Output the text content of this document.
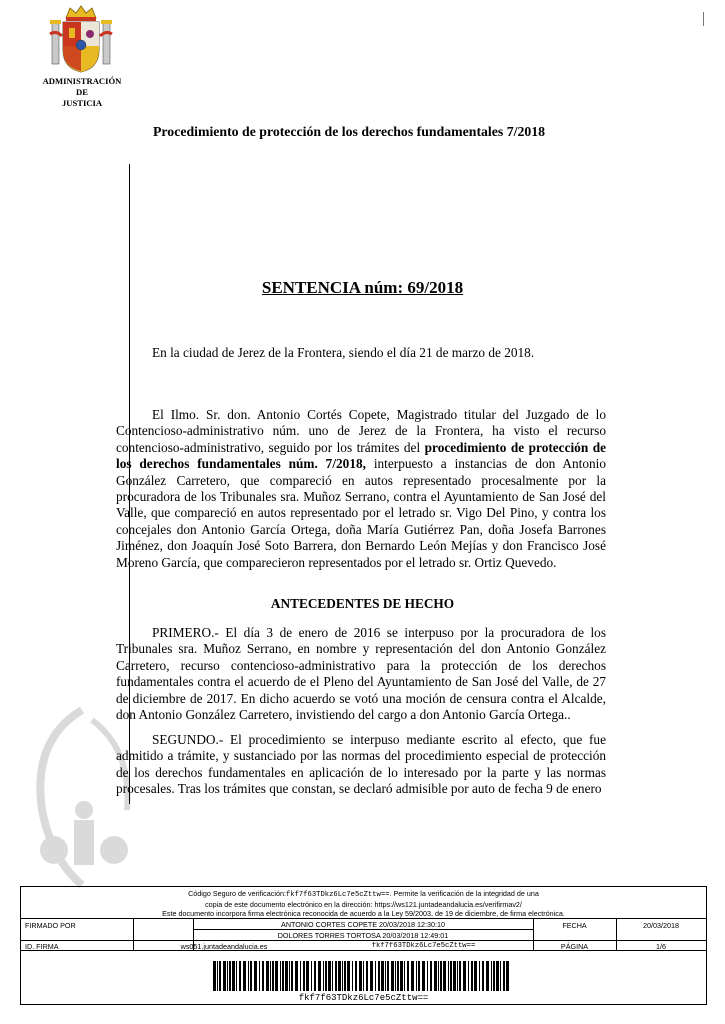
ADMINISTRACIÓN
DE
JUSTICIA
Procedimiento de protección de los derechos fundamentales 7/2018
SENTENCIA núm: 69/2018
En la ciudad de Jerez de la Frontera, siendo el día 21 de marzo de 2018.
El Ilmo. Sr. don. Antonio Cortés Copete, Magistrado titular del Juzgado de lo Contencioso-administrativo núm. uno de Jerez de la Frontera, ha visto el recurso contencioso-administrativo, seguido por los trámites del procedimiento de protección de los derechos fundamentales núm. 7/2018, interpuesto a instancias de don Antonio González Carretero, que compareció en autos representado procesalmente por la procuradora de los Tribunales sra. Muñoz Serrano, contra el Ayuntamiento de San José del Valle, que compareció en autos representado por el letrado sr. Vigo Del Pino, y contra los concejales don Antonio García Ortega, doña María Gutiérrez Pan, doña Josefa Barrones Jiménez, don Joaquín José Soto Barrera, don Bernardo León Mejías y don Francisco José Moreno García, que comparecieron representados por el letrado sr. Ortiz Quevedo.
ANTECEDENTES DE HECHO
PRIMERO.- El día 3 de enero de 2016 se interpuso por la procuradora de los Tribunales sra. Muñoz Serrano, en nombre y representación del don Antonio González Carretero, recurso contencioso-administrativo para la protección de los derechos fundamentales contra el acuerdo de el Pleno del Ayuntamiento de San José del Valle, de 27 de diciembre de 2017. En dicho acuerdo se votó una moción de censura contra el Alcalde, don Antonio González Carretero, invistiendo del cargo a don Antonio García Ortega..
SEGUNDO.- El procedimiento se interpuso mediante escrito al efecto, que fue admitido a trámite, y sustanciado por las normas del procedimiento especial de protección de los derechos fundamentales en aplicación de lo interesado por la parte y las normas procesales. Tras los trámites que constan, se declaró admisible por auto de fecha 9 de enero
Código Seguro de verificación:fkf7f63TDkz6Lc7e5cZttw==. Permite la verificación de la integridad de una
copia de este documento electrónico en la dirección: https://ws121.juntadeandalucia.es/verifirmav2/
Este documento incorpora firma electrónica reconocida de acuerdo a la Ley 59/2003, de 19 de diciembre, de firma electrónica.
FIRMADO POR	ANTONIO CORTES COPETE 20/03/2018 12:30:10
DOLORES TORRES TORTOSA 20/03/2018 12:49:01
FECHA	20/03/2018
ID. FIRMA	ws051.juntadeandalucia.es	fkf7f63TDkz6Lc7e5cZttw==	PÁGINA	1/6
fkf7f63TDkz6Lc7e5cZttw==
